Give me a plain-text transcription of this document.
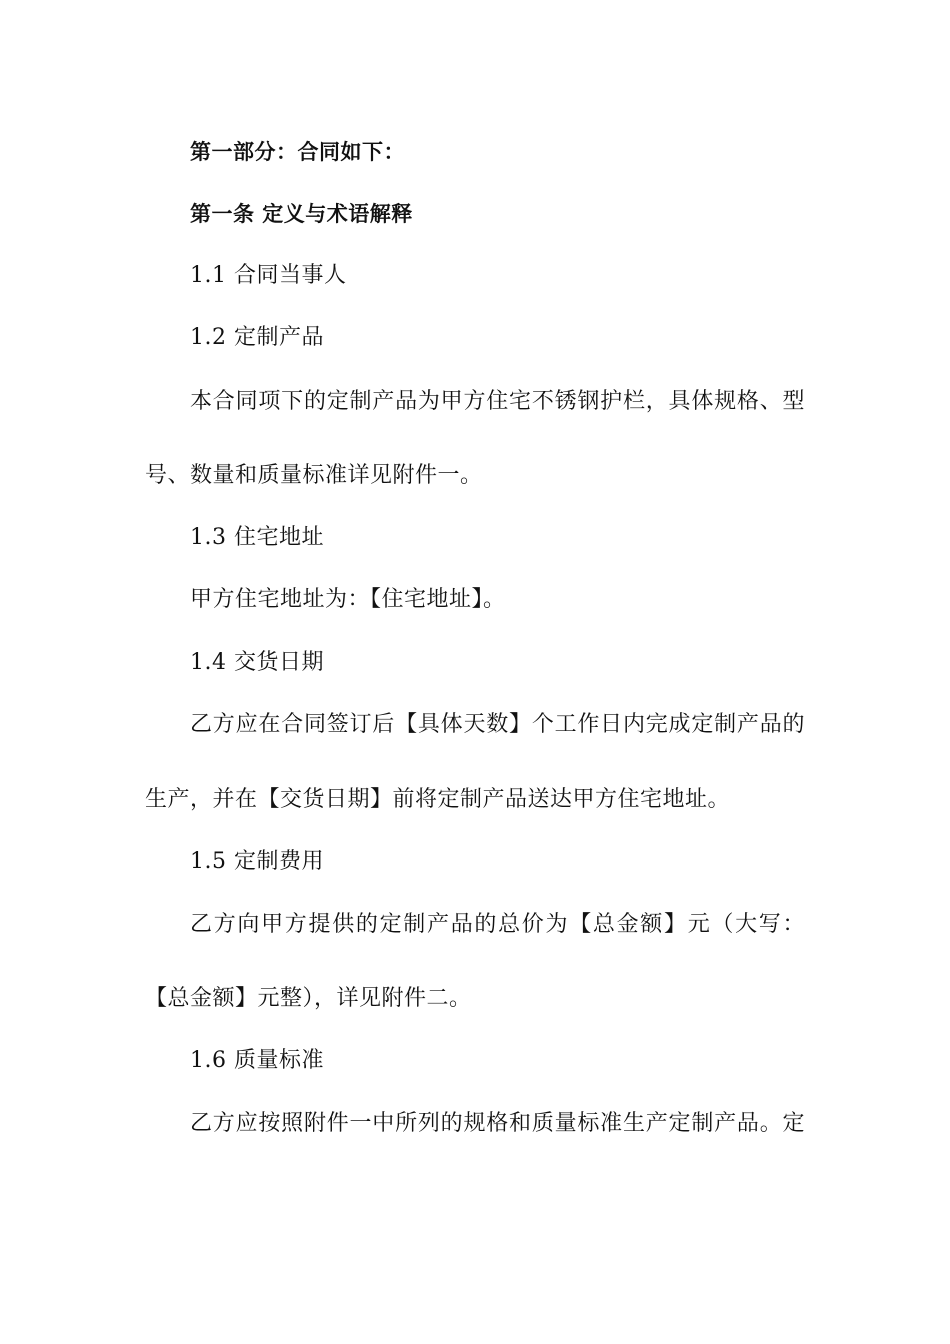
第一部分：合同如下：
第一条 定义与术语解释
1.1 合同当事人
1.2 定制产品
本合同项下的定制产品为甲方住宅不锈钢护栏，具体规格、型
号、数量和质量标准详见附件一。
1.3 住宅地址
甲方住宅地址为：【住宅地址】。
1.4 交货日期
乙方应在合同签订后【具体天数】个工作日内完成定制产品的
生产，并在【交货日期】前将定制产品送达甲方住宅地址。
1.5 定制费用
乙方向甲方提供的定制产品的总价为【总金额】元（大写：
【总金额】元整），详见附件二。
1.6 质量标准
乙方应按照附件一中所列的规格和质量标准生产定制产品。定
